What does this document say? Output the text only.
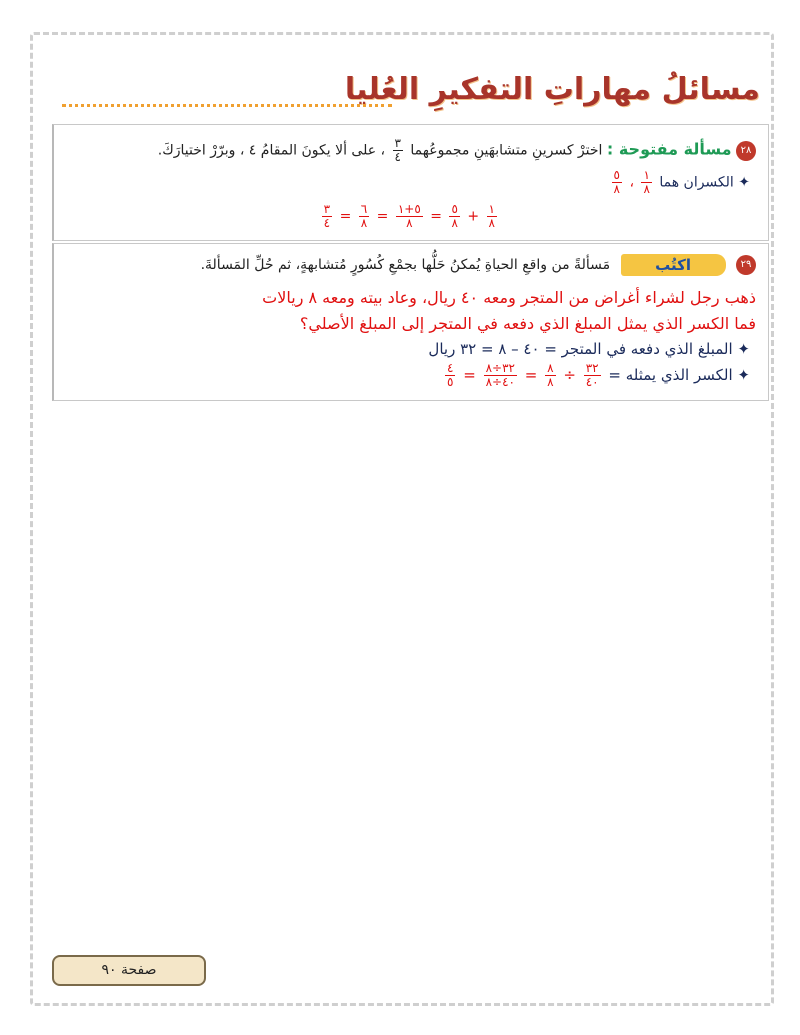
مسائلُ مهاراتِ التفكيرِ العُليا
٢٨ مسألة مفتوحة : اخترْ كسرينِ متشابهَينِ مجموعُهما
$\frac{٣}{٤}$
، على ألا يكونَ المقامُ ٤ ، وبرّرْ اختيارَكَ.
✦ الكسران هما
$\frac{١}{٨}$
،
$\frac{٥}{٨}$
$\frac{١}{٨}$
+
$\frac{٥}{٨}$
=
$\frac{٥+١}{٨}$
=
$\frac{٦}{٨}$
=
$\frac{٣}{٤}$
٢٩ اكتُب مَسألةً من واقعِ الحياةِ يُمكنُ حَلُّها بجمْعِ كُسُورٍ مُتشابهةٍ، ثم حُلِّ المَسألةَ.
ذهب رجل لشراء أغراض من المتجر ومعه ٤٠ ريال، وعاد بيته ومعه ٨ ريالات
فما الكسر الذي يمثل المبلغ الذي دفعه في المتجر إلى المبلغ الأصلي؟
✦ المبلغ الذي دفعه في المتجر = ٤٠ – ٨ = ٣٢ ريال
✦ الكسر الذي يمثله =
$\frac{٣٢}{٤٠}$
÷
$\frac{٨}{٨}$
=
$\frac{٣٢\div ٨}{٤٠\div ٨}$
=
$\frac{٤}{٥}$
صفحة ٩٠
